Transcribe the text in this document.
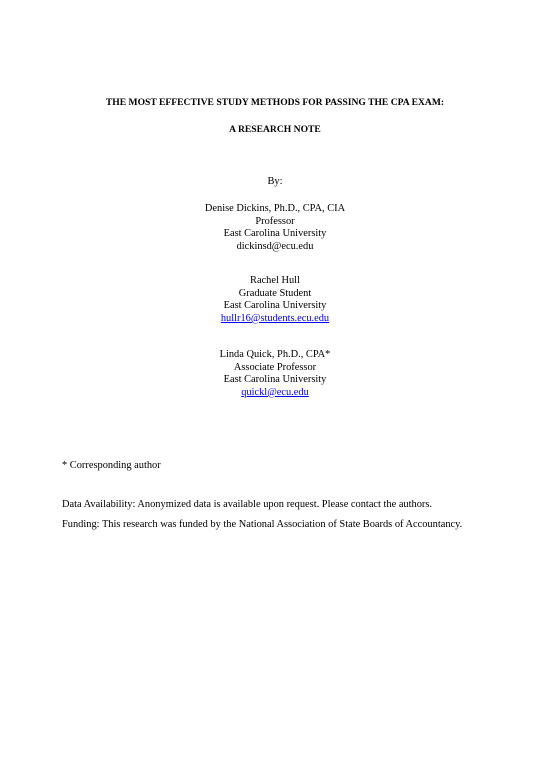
THE MOST EFFECTIVE STUDY METHODS FOR PASSING THE CPA EXAM:
A RESEARCH NOTE
By:
Denise Dickins, Ph.D., CPA, CIA
Professor
East Carolina University
dickinsd@ecu.edu
Rachel Hull
Graduate Student
East Carolina University
hullr16@students.ecu.edu
Linda Quick, Ph.D., CPA*
Associate Professor
East Carolina University
quickl@ecu.edu
* Corresponding author
Data Availability: Anonymized data is available upon request. Please contact the authors.
Funding: This research was funded by the National Association of State Boards of Accountancy.
